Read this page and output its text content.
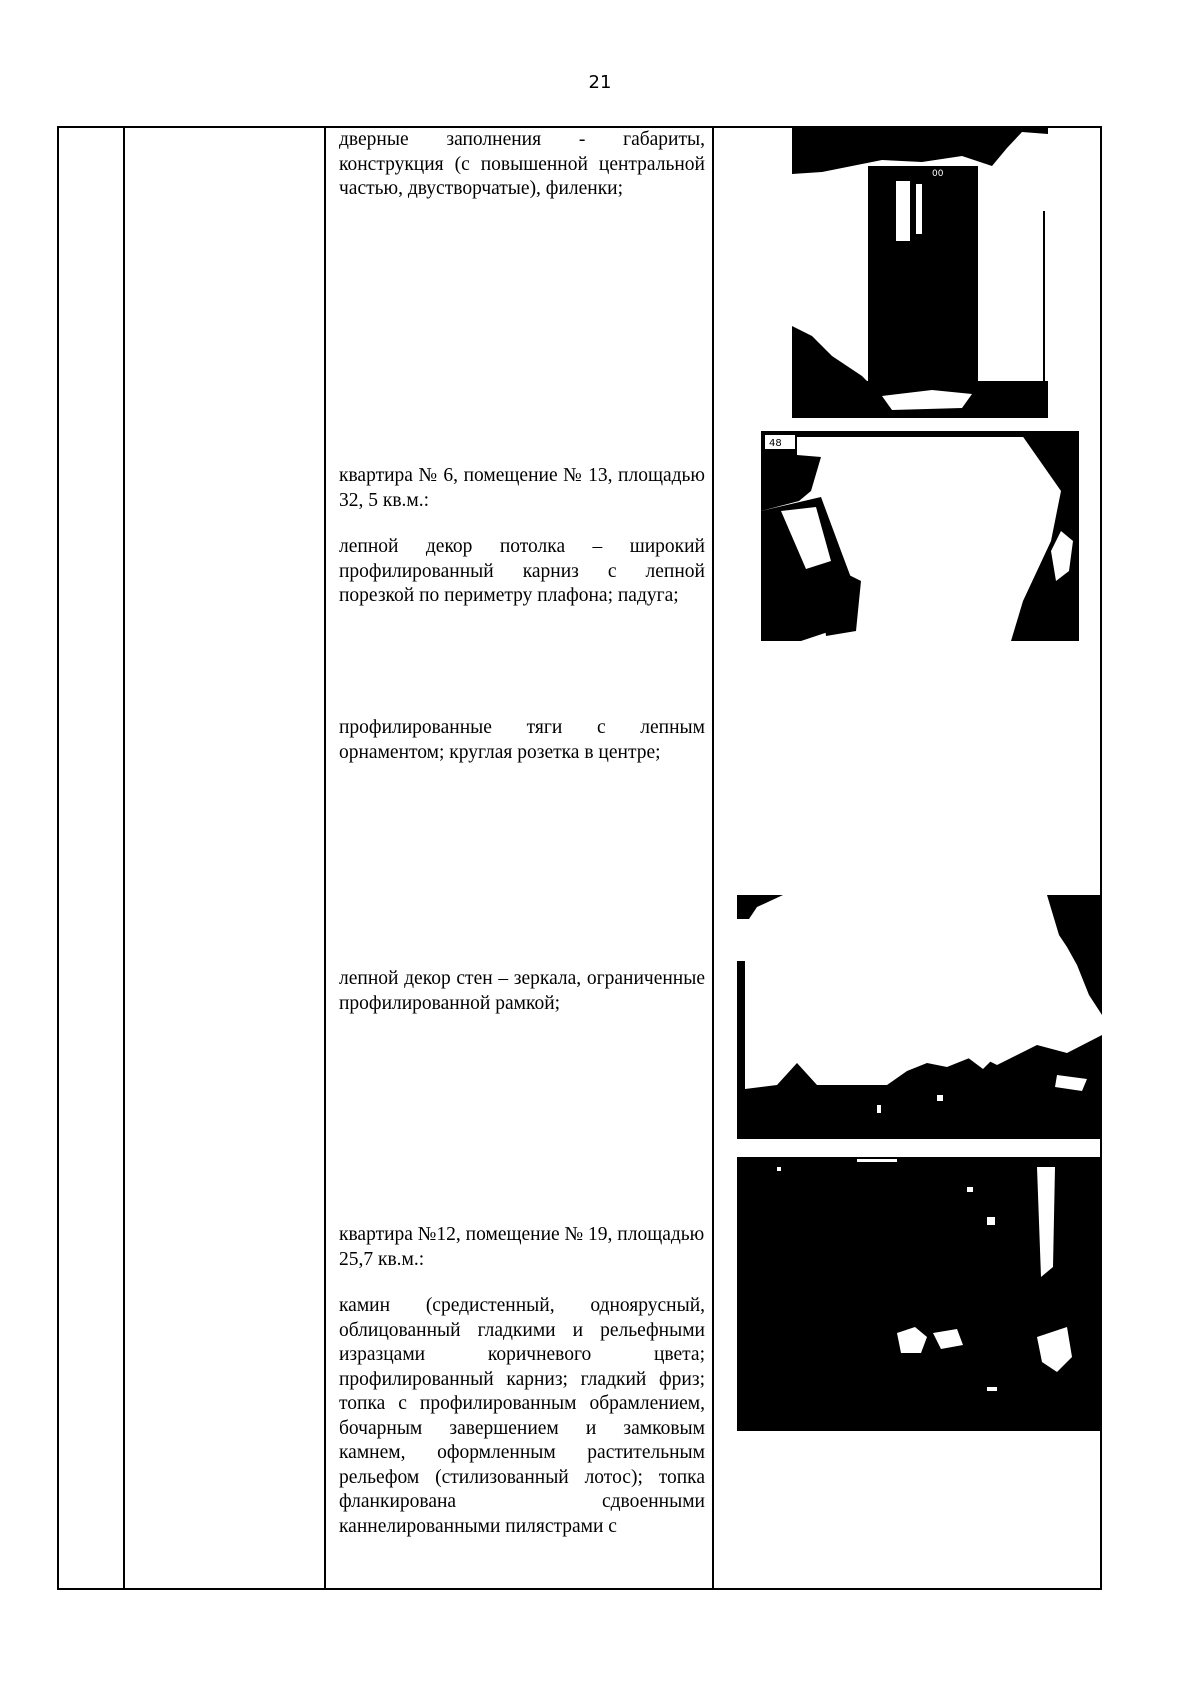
21

дверные заполнения - габариты, конструкция (с повышенной центральной частью, двустворчатые), филенки;

квартира № 6, помещение № 13, площадью 32, 5 кв.м.:

лепной декор потолка – широкий профилированный карниз с лепной порезкой по периметру плафона; падуга;

профилированные тяги с лепным орнаментом; круглая розетка в центре;

лепной декор стен – зеркала, ограниченные профилированной рамкой;

квартира №12, помещение № 19, площадью 25,7 кв.м.:

камин (средистенный, одноярусный, облицованный гладкими и рельефными изразцами коричневого цвета; профилированный карниз; гладкий фриз; топка с профилированным обрамлением, бочарным завершением и замковым камнем, оформленным растительным рельефом (стилизованный лотос); топка фланкирована сдвоенными каннелированными пилястрами с

00
48
